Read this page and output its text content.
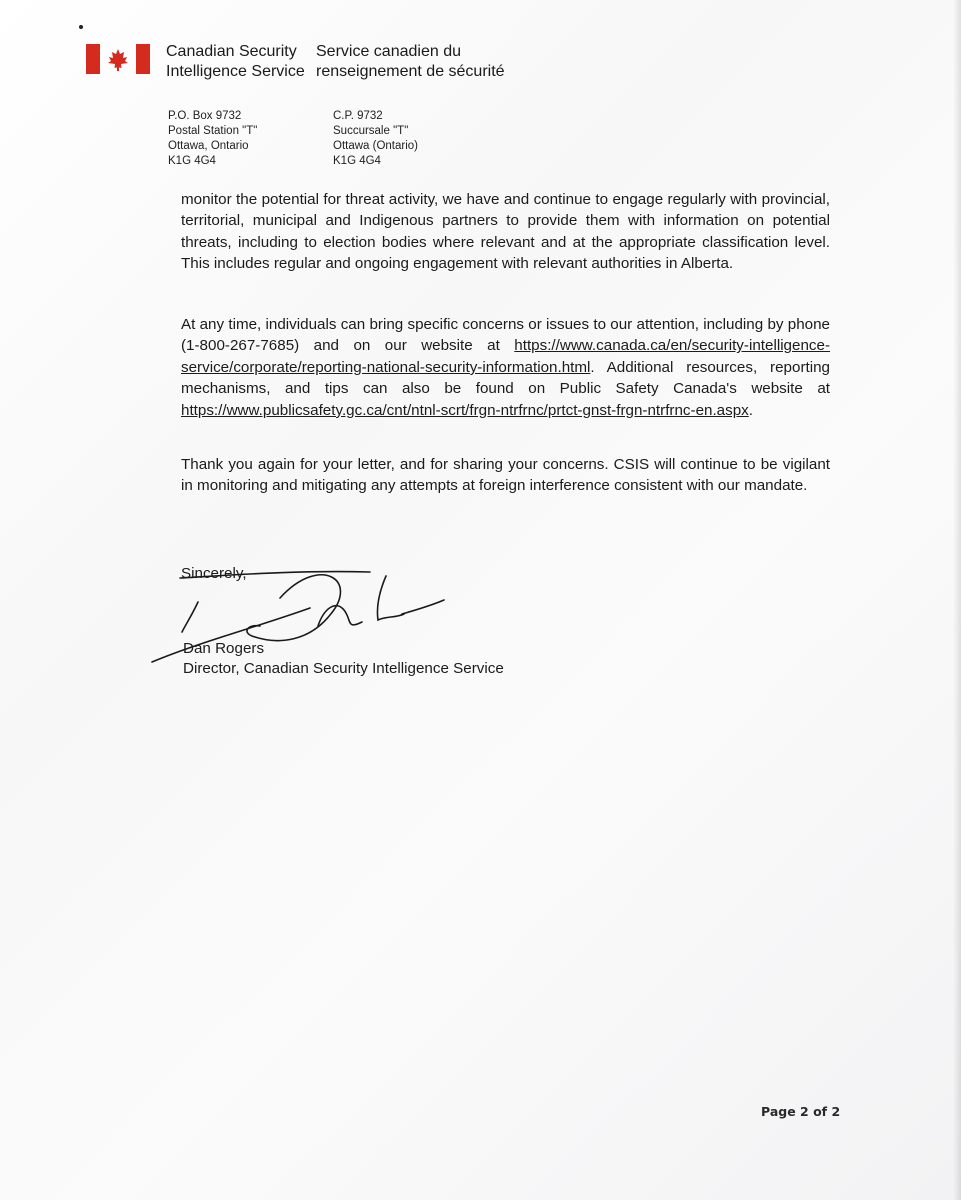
Canadian Security
Intelligence Service
Service canadien du
renseignement de sécurité
P.O. Box 9732
Postal Station "T"
Ottawa, Ontario
K1G 4G4
C.P. 9732
Succursale "T"
Ottawa (Ontario)
K1G 4G4
monitor the potential for threat activity, we have and continue to engage regularly with provincial, territorial, municipal and Indigenous partners to provide them with information on potential threats, including to election bodies where relevant and at the appropriate classification level. This includes regular and ongoing engagement with relevant authorities in Alberta.
At any time, individuals can bring specific concerns or issues to our attention, including by phone (1-800-267-7685) and on our website at https://www.canada.ca/en/security-intelligence-service/corporate/reporting-national-security-information.html. Additional resources, reporting mechanisms, and tips can also be found on Public Safety Canada's website at https://www.publicsafety.gc.ca/cnt/ntnl-scrt/frgn-ntrfrnc/prtct-gnst-frgn-ntrfrnc-en.aspx.
Thank you again for your letter, and for sharing your concerns. CSIS will continue to be vigilant in monitoring and mitigating any attempts at foreign interference consistent with our mandate.
Sincerely,
Dan Rogers
Director, Canadian Security Intelligence Service
Page 2 of 2
